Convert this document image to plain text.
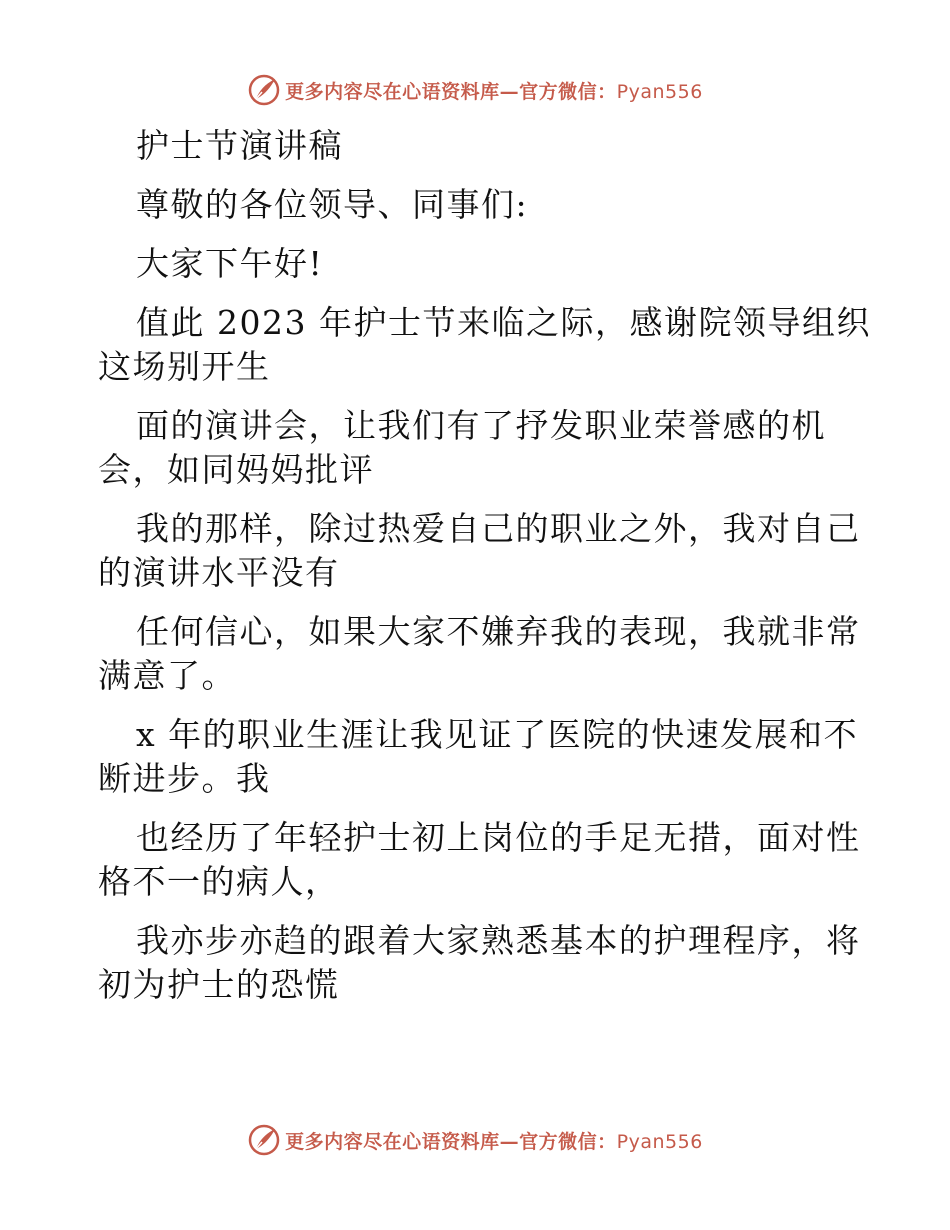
更多内容尽在心语资料库—官方微信：Pyan556
护士节演讲稿
尊敬的各位领导、同事们:
大家下午好!
值此 2023 年护士节来临之际，感谢院领导组织
这场别开生
面的演讲会，让我们有了抒发职业荣誉感的机
会，如同妈妈批评
我的那样，除过热爱自己的职业之外，我对自己
的演讲水平没有
任何信心，如果大家不嫌弃我的表现，我就非常
满意了。
x 年的职业生涯让我见证了医院的快速发展和不
断进步。我
也经历了年轻护士初上岗位的手足无措，面对性
格不一的病人，
我亦步亦趋的跟着大家熟悉基本的护理程序，将
初为护士的恐慌
更多内容尽在心语资料库—官方微信：Pyan556
